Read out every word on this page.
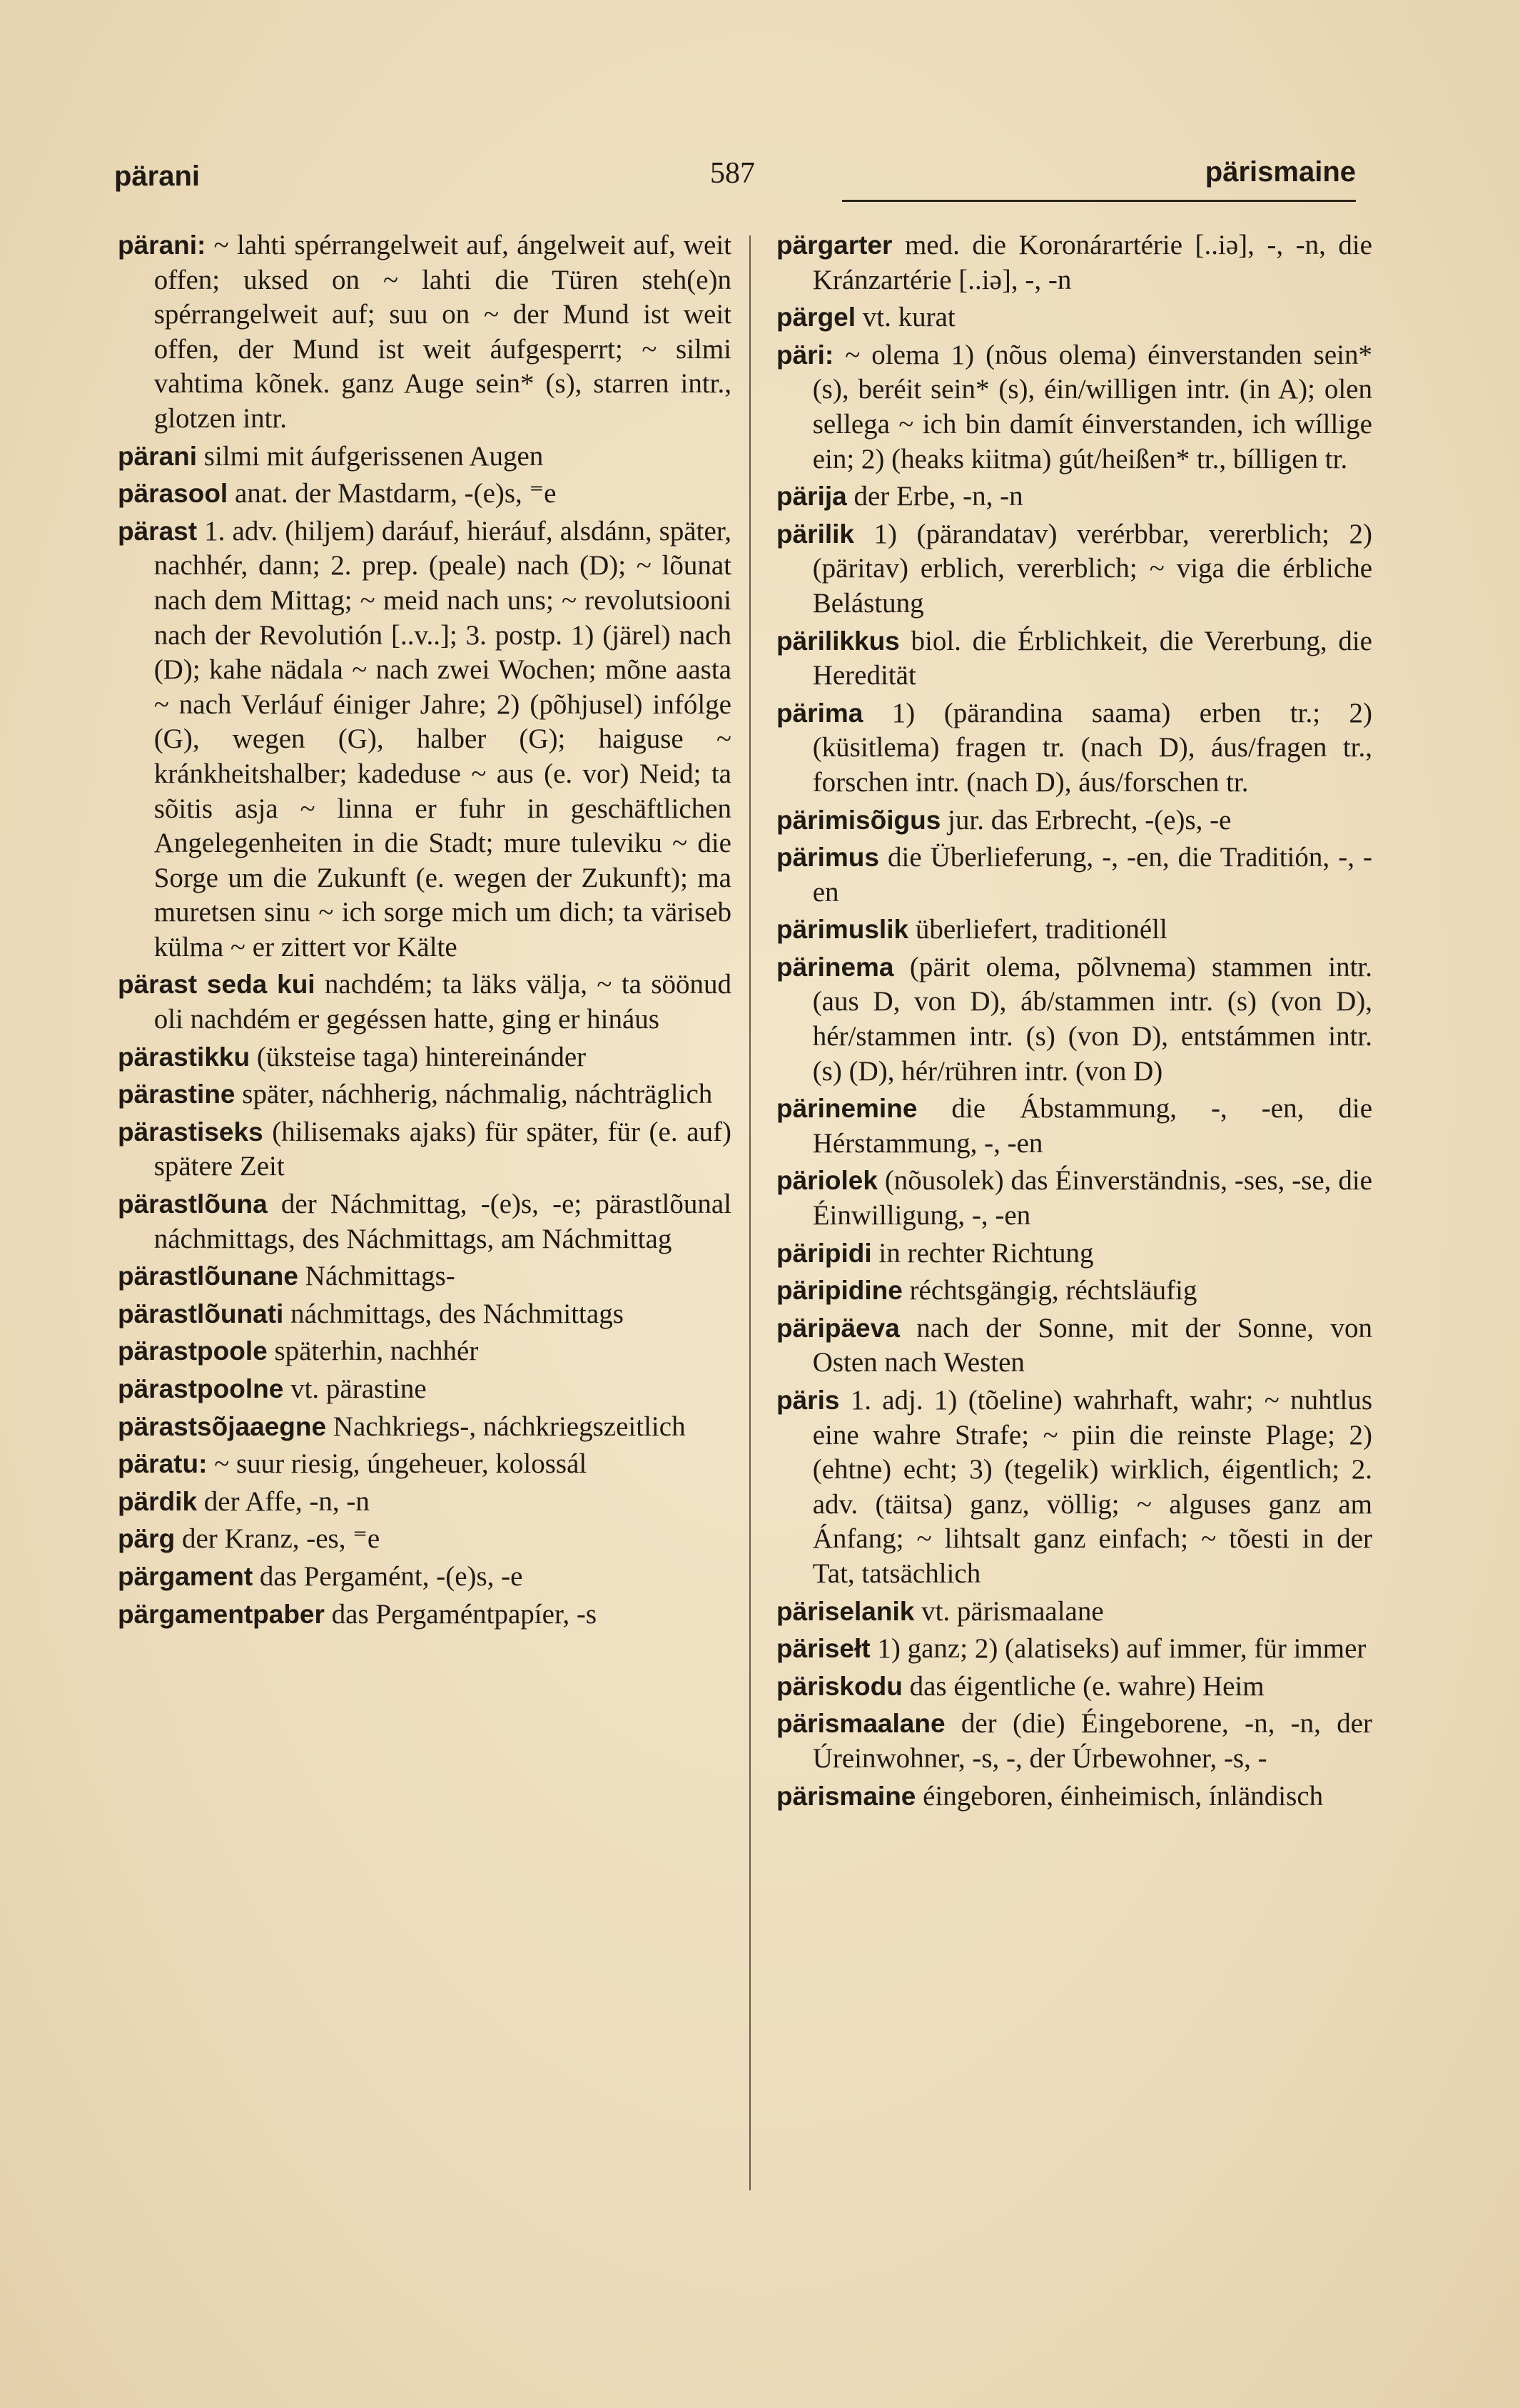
pärani	587	pärismaine
pärani: ~ lahti spérrangelweit auf, ángelweit auf, weit offen; uksed on ~ lahti die Türen steh(e)n spérrangelweit auf; suu on ~ der Mund ist weit offen, der Mund ist weit áufgesperrt; ~ silmi vahtima kõnek. ganz Auge sein* (s), starren intr., glotzen intr.
pärani silmi mit áufgerissenen Augen
pärasool anat. der Mastdarm, -(e)s, ⁼e
pärast 1. adv. (hiljem) daráuf, hieráuf, alsdánn, später, nachhér, dann; 2. prep. (peale) nach (D); ~ lõunat nach dem Mittag; ~ meid nach uns; ~ revolutsiooni nach der Revolutión [..v..]; 3. postp. 1) (järel) nach (D); kahe nädala ~ nach zwei Wochen; mõne aasta ~ nach Verláuf éiniger Jahre; 2) (põhjusel) infólge (G), wegen (G), halber (G); haiguse ~ kránkheitshalber; kadeduse ~ aus (e. vor) Neid; ta sõitis asja ~ linna er fuhr in geschäftlichen Angelegenheiten in die Stadt; mure tuleviku ~ die Sorge um die Zukunft (e. wegen der Zukunft); ma muretsen sinu ~ ich sorge mich um dich; ta väriseb külma ~ er zittert vor Kälte
pärast seda kui nachdém; ta läks välja, ~ ta söönud oli nachdém er gegéssen hatte, ging er hináus
pärastikku (üksteise taga) hintereinánder
pärastine später, náchherig, náchmalig, náchträglich
pärastiseks (hilisemaks ajaks) für später, für (e. auf) spätere Zeit
pärastlõuna der Náchmittag, -(e)s, -e; pärastlõunal náchmittags, des Náchmittags, am Náchmittag
pärastlõunane Náchmittags-
pärastlõunati náchmittags, des Náchmittags
pärastpoole späterhin, nachhér
pärastpoolne vt. pärastine
pärastsõjaaegne Nachkriegs-, náchkriegszeitlich
päratu: ~ suur riesig, úngeheuer, kolossál
pärdik der Affe, -n, -n
pärg der Kranz, -es, ⁼e
pärgament das Pergamént, -(e)s, -e
pärgamentpaber das Pergaméntpapíer, -s
pärgarter med. die Koronárartérie [..iə], -, -n, die Kránzartérie [..iə], -, -n
pärgel vt. kurat
päri: ~ olema 1) (nõus olema) éinverstanden sein* (s), beréit sein* (s), éin/willigen intr. (in A); olen sellega ~ ich bin damít éinverstanden, ich wíllige ein; 2) (heaks kiitma) gút/heißen* tr., bílligen tr.
pärija der Erbe, -n, -n
pärilik 1) (pärandatav) verérbbar, vererblich; 2) (päritav) erblich, vererblich; ~ viga die érbliche Belástung
pärilikkus biol. die Érblichkeit, die Vererbung, die Heredität
pärima 1) (pärandina saama) erben tr.; 2) (küsitlema) fragen tr. (nach D), áus/fragen tr., forschen intr. (nach D), áus/forschen tr.
pärimisõigus jur. das Erbrecht, -(e)s, -e
pärimus die Überlieferung, -, -en, die Traditión, -, -en
pärimuslik überliefert, traditionéll
pärinema (pärit olema, põlvnema) stammen intr. (aus D, von D), áb/stammen intr. (s) (von D), hér/stammen intr. (s) (von D), entstámmen intr. (s) (D), hér/rühren intr. (von D)
pärinemine die Ábstammung, -, -en, die Hérstammung, -, -en
päriolek (nõusolek) das Éinverständnis, -ses, -se, die Éinwilligung, -, -en
päripidi in rechter Richtung
päripidine réchtsgängig, réchtsläufig
päripäeva nach der Sonne, mit der Sonne, von Osten nach Westen
päris 1. adj. 1) (tõeline) wahrhaft, wahr; ~ nuhtlus eine wahre Strafe; ~ piin die reinste Plage; 2) (ehtne) echt; 3) (tegelik) wirklich, éigentlich; 2. adv. (täitsa) ganz, völlig; ~ alguses ganz am Ánfang; ~ lihtsalt ganz einfach; ~ tõesti in der Tat, tatsächlich
päriselanik vt. pärismaalane
pärisełt 1) ganz; 2) (alatiseks) auf immer, für immer
päriskodu das éigentliche (e. wahre) Heim
pärismaalane der (die) Éingeborene, -n, -n, der Úreinwohner, -s, -, der Úrbewohner, -s, -
pärismaine éingeboren, éinheimisch, ínländisch
